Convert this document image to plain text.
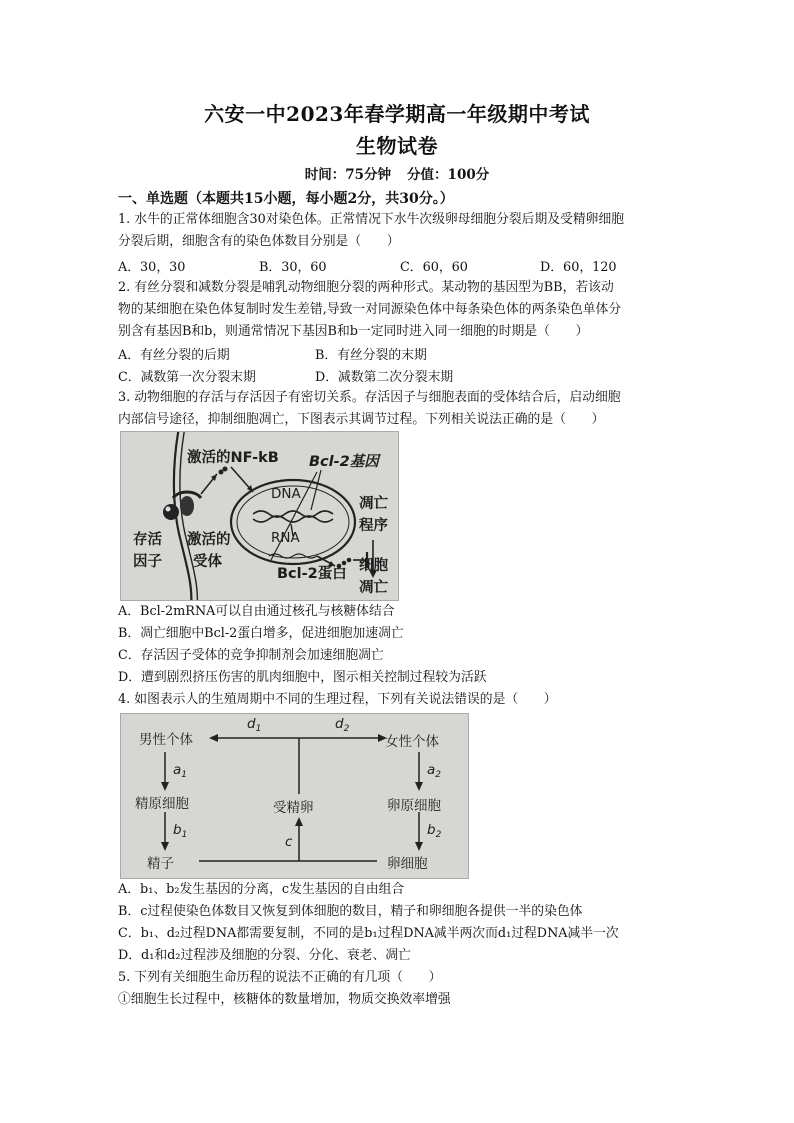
六安一中2023年春学期高一年级期中考试
生物试卷
时间：75分钟 分值：100分
一、单选题（本题共15小题，每小题2分，共30分。）
1. 水牛的正常体细胞含30对染色体。正常情况下水牛次级卵母细胞分裂后期及受精卵细胞
分裂后期，细胞含有的染色体数目分别是（　　）
A．30，30	B．30，60	C．60，60	D．60，120
2. 有丝分裂和减数分裂是哺乳动物细胞分裂的两种形式。某动物的基因型为BB，若该动
物的某细胞在染色体复制时发生差错,导致一对同源染色体中每条染色体的两条染色单体分
别含有基因B和b，则通常情况下基因B和b一定同时进入同一细胞的时期是（　　）
A．有丝分裂的后期	B．有丝分裂的末期
C．减数第一次分裂末期	D．减数第二次分裂末期
3. 动物细胞的存活与存活因子有密切关系。存活因子与细胞表面的受体结合后，启动细胞
内部信号途径，抑制细胞凋亡，下图表示其调节过程。下列相关说法正确的是（　　）
激活的NF-kB Bcl-2基因
DNA
RNA
凋亡
程序
存活
因子
激活的
受体
Bcl-2蛋白 细胞
凋亡
A．Bcl-2mRNA可以自由通过核孔与核糖体结合
B．凋亡细胞中Bcl-2蛋白增多，促进细胞加速凋亡
C．存活因子受体的竞争抑制剂会加速细胞凋亡
D．遭到剧烈挤压伤害的肌肉细胞中，图示相关控制过程较为活跃
4. 如图表示人的生殖周期中不同的生理过程，下列有关说法错误的是（　　）
男性个体	女性个体
精原细胞	卵原细胞
受精卵
精子	卵细胞
$a_1$	$a_2$
$b_1$	$b_2$
$d_1$	$d_2$
c
A．b₁、b₂发生基因的分离，c发生基因的自由组合
B．c过程使染色体数目又恢复到体细胞的数目，精子和卵细胞各提供一半的染色体
C．b₁、d₂过程DNA都需要复制，不同的是b₁过程DNA减半两次而d₁过程DNA减半一次
D．d₁和d₂过程涉及细胞的分裂、分化、衰老、凋亡
5. 下列有关细胞生命历程的说法不正确的有几项（　　）
①细胞生长过程中，核糖体的数量增加，物质交换效率增强
